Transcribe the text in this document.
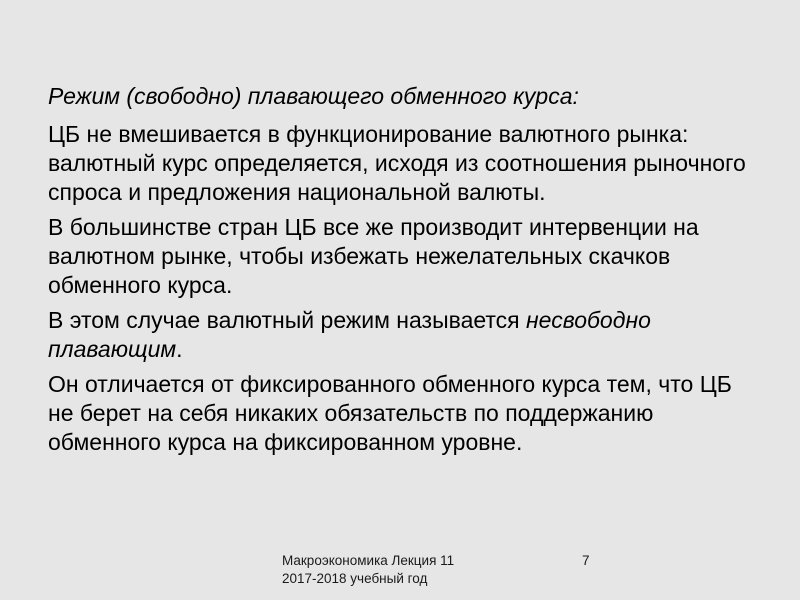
Режим (свободно) плавающего обменного курса:

ЦБ не вмешивается в функционирование валютного рынка: валютный курс определяется, исходя из соотношения рыночного спроса и предложения национальной валюты.

В большинстве стран ЦБ все же производит интервенции на валютном рынке, чтобы избежать нежелательных скачков обменного курса.

В этом случае валютный режим называется несвободно плавающим.

Он отличается от фиксированного обменного курса тем, что ЦБ не берет на себя никаких обязательств по поддержанию обменного курса на фиксированном уровне.

Макроэкономика Лекция 11
2017-2018 учебный год
7
